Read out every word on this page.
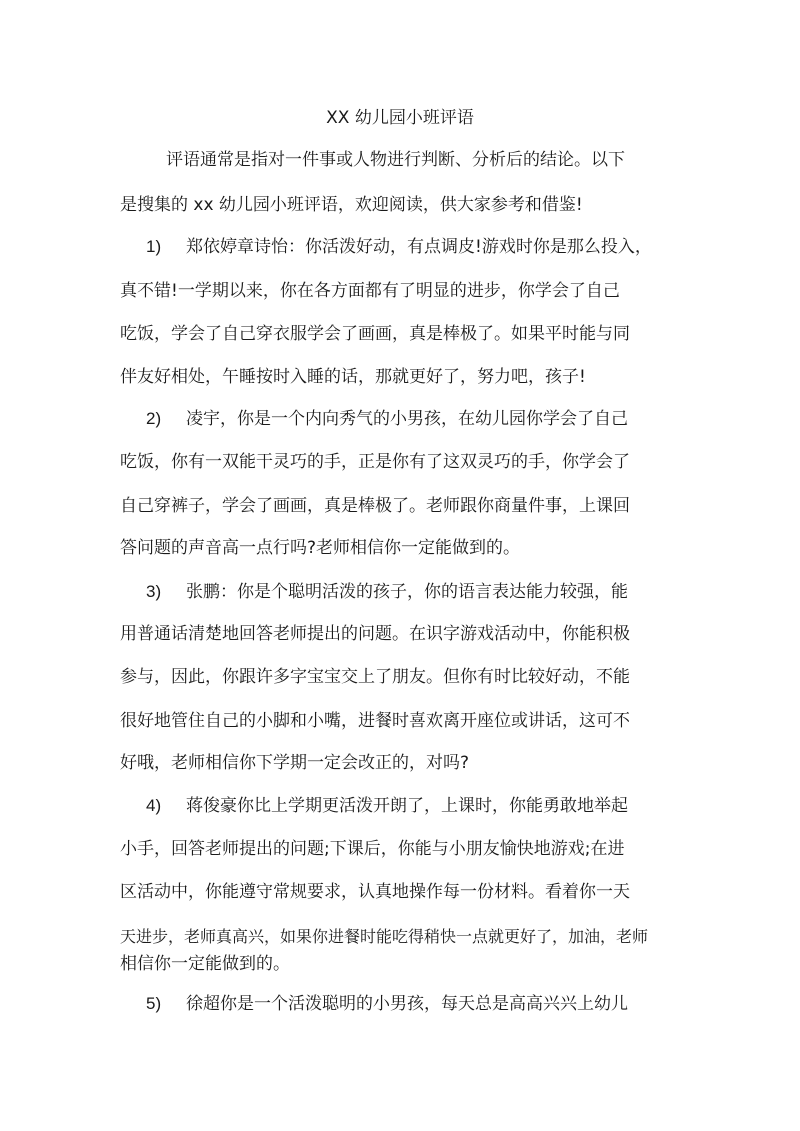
XX 幼儿园小班评语
评语通常是指对一件事或人物进行判断、分析后的结论。以下
是搜集的 xx 幼儿园小班评语，欢迎阅读，供大家参考和借鉴!
1) 郑依婷章诗怡：你活泼好动，有点调皮!游戏时你是那么投入，
真不错!一学期以来，你在各方面都有了明显的进步，你学会了自己
吃饭，学会了自己穿衣服学会了画画，真是棒极了。如果平时能与同
伴友好相处，午睡按时入睡的话，那就更好了，努力吧，孩子!
2) 凌宇，你是一个内向秀气的小男孩，在幼儿园你学会了自己
吃饭，你有一双能干灵巧的手，正是你有了这双灵巧的手，你学会了
自己穿裤子，学会了画画，真是棒极了。老师跟你商量件事，上课回
答问题的声音高一点行吗?老师相信你一定能做到的。
3) 张鹏：你是个聪明活泼的孩子，你的语言表达能力较强，能
用普通话清楚地回答老师提出的问题。在识字游戏活动中，你能积极
参与，因此，你跟许多字宝宝交上了朋友。但你有时比较好动，不能
很好地管住自己的小脚和小嘴，进餐时喜欢离开座位或讲话，这可不
好哦，老师相信你下学期一定会改正的，对吗?
4) 蒋俊豪你比上学期更活泼开朗了，上课时，你能勇敢地举起
小手，回答老师提出的问题;下课后，你能与小朋友愉快地游戏;在进
区活动中，你能遵守常规要求，认真地操作每一份材料。看着你一天
天进步，老师真高兴，如果你进餐时能吃得稍快一点就更好了，加油，老师
相信你一定能做到的。
5) 徐超你是一个活泼聪明的小男孩，每天总是高高兴兴上幼儿
